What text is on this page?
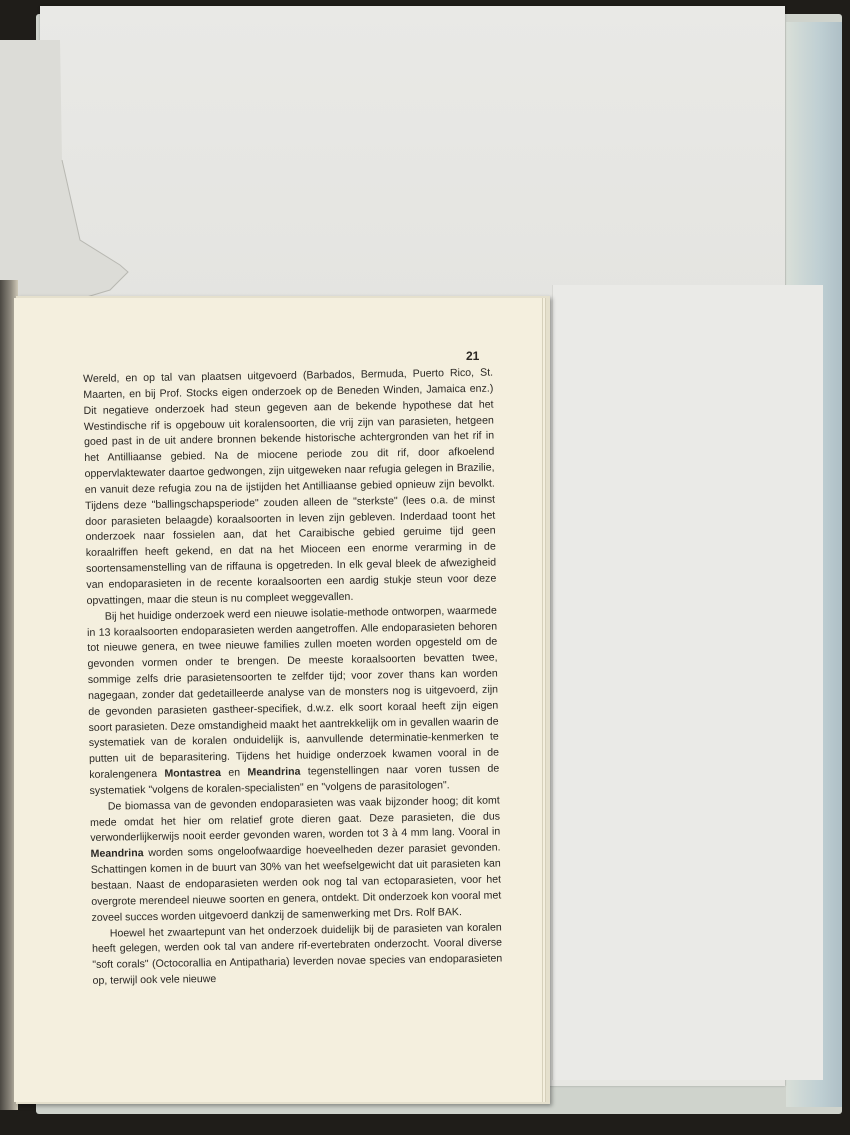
21

Wereld, en op tal van plaatsen uitgevoerd (Barbados, Bermuda, Puerto Rico, St. Maarten, en bij Prof. Stocks eigen onderzoek op de Beneden Winden, Jamaica enz.) Dit negatieve onderzoek had steun gegeven aan de bekende hypothese dat het Westindische rif is opgebouw uit koralensoorten, die vrij zijn van parasieten, hetgeen goed past in de uit andere bronnen bekende historische achtergronden van het rif in het Antilliaanse gebied. Na de miocene periode zou dit rif, door afkoelend oppervlaktewater daartoe gedwongen, zijn uitgeweken naar refugia gelegen in Brazilie, en vanuit deze refugia zou na de ijstijden het Antilliaanse gebied opnieuw zijn bevolkt. Tijdens deze "ballingschapsperiode" zouden alleen de "sterkste" (lees o.a. de minst door parasieten belaagde) koraalsoorten in leven zijn gebleven. Inderdaad toont het onderzoek naar fossielen aan, dat het Caraibische gebied geruime tijd geen koraalriffen heeft gekend, en dat na het Mioceen een enorme verarming in de soortensamenstelling van de riffauna is opgetreden. In elk geval bleek de afwezigheid van endoparasieten in de recente koraalsoorten een aardig stukje steun voor deze opvattingen, maar die steun is nu compleet weggevallen.

Bij het huidige onderzoek werd een nieuwe isolatie-methode ontworpen, waarmede in 13 koraalsoorten endoparasieten werden aangetroffen. Alle endoparasieten behoren tot nieuwe genera, en twee nieuwe families zullen moeten worden opgesteld om de gevonden vormen onder te brengen. De meeste koraalsoorten bevatten twee, sommige zelfs drie parasietensoorten te zelfder tijd; voor zover thans kan worden nagegaan, zonder dat gedetailleerde analyse van de monsters nog is uitgevoerd, zijn de gevonden parasieten gastheer-specifiek, d.w.z. elk soort koraal heeft zijn eigen soort parasieten. Deze omstandigheid maakt het aantrekkelijk om in gevallen waarin de systematiek van de koralen onduidelijk is, aanvullende determinatie-kenmerken te putten uit de beparasitering. Tijdens het huidige onderzoek kwamen vooral in de koralengenera Montastrea en Meandrina tegenstellingen naar voren tussen de systematiek "volgens de koralen-specialisten" en "volgens de parasitologen".

De biomassa van de gevonden endoparasieten was vaak bijzonder hoog; dit komt mede omdat het hier om relatief grote dieren gaat. Deze parasieten, die dus verwonderlijkerwijs nooit eerder gevonden waren, worden tot 3 à 4 mm lang. Vooral in Meandrina worden soms ongeloofwaardige hoeveelheden dezer parasiet gevonden. Schattingen komen in de buurt van 30% van het weefselgewicht dat uit parasieten kan bestaan. Naast de endoparasieten werden ook nog tal van ectoparasieten, voor het overgrote merendeel nieuwe soorten en genera, ontdekt. Dit onderzoek kon vooral met zoveel succes worden uitgevoerd dankzij de samenwerking met Drs. Rolf BAK.

Hoewel het zwaartepunt van het onderzoek duidelijk bij de parasieten van koralen heeft gelegen, werden ook tal van andere rif-evertebraten onderzocht. Vooral diverse "soft corals" (Octocorallia en Antipatharia) leverden novae species van endoparasieten op, terwijl ook vele nieuwe
